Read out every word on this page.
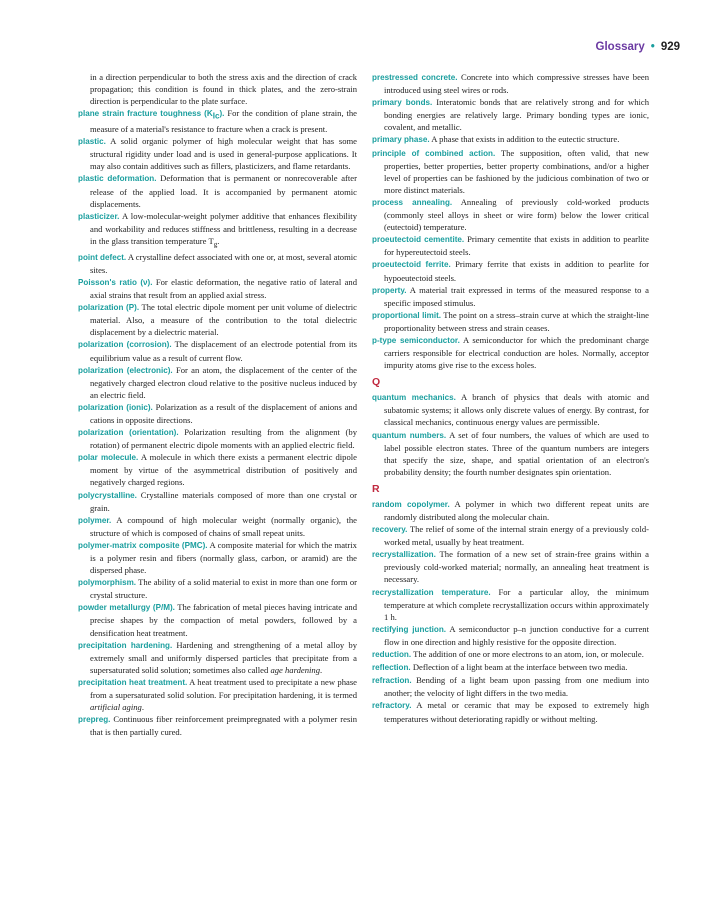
Glossary • 929

in a direction perpendicular to both the stress axis and the direction of crack propagation; this condition is found in thick plates, and the zero-strain direction is perpendicular to the plate surface.

plane strain fracture toughness $(K_{Ic})$. For the condition of plane strain, the measure of a material's resistance to fracture when a crack is present.

plastic. A solid organic polymer of high molecular weight that has some structural rigidity under load and is used in general-purpose applications. It may also contain additives such as fillers, plasticizers, and flame retardants.

plastic deformation. Deformation that is permanent or nonrecoverable after release of the applied load. It is accompanied by permanent atomic displacements.

plasticizer. A low-molecular-weight polymer additive that enhances flexibility and workability and reduces stiffness and brittleness, resulting in a decrease in the glass transition temperature $T_g$.

point defect. A crystalline defect associated with one or, at most, several atomic sites.

Poisson's ratio (ν). For elastic deformation, the negative ratio of lateral and axial strains that result from an applied axial stress.

polarization (P). The total electric dipole moment per unit volume of dielectric material. Also, a measure of the contribution to the total dielectric displacement by a dielectric material.

polarization (corrosion). The displacement of an electrode potential from its equilibrium value as a result of current flow.

polarization (electronic). For an atom, the displacement of the center of the negatively charged electron cloud relative to the positive nucleus induced by an electric field.

polarization (ionic). Polarization as a result of the displacement of anions and cations in opposite directions.

polarization (orientation). Polarization resulting from the alignment (by rotation) of permanent electric dipole moments with an applied electric field.

polar molecule. A molecule in which there exists a permanent electric dipole moment by virtue of the asymmetrical distribution of positively and negatively charged regions.

polycrystalline. Crystalline materials composed of more than one crystal or grain.

polymer. A compound of high molecular weight (normally organic), the structure of which is composed of chains of small repeat units.

polymer-matrix composite (PMC). A composite material for which the matrix is a polymer resin and fibers (normally glass, carbon, or aramid) are the dispersed phase.

polymorphism. The ability of a solid material to exist in more than one form or crystal structure.

powder metallurgy (P/M). The fabrication of metal pieces having intricate and precise shapes by the compaction of metal powders, followed by a densification heat treatment.

precipitation hardening. Hardening and strengthening of a metal alloy by extremely small and uniformly dispersed particles that precipitate from a supersaturated solid solution; sometimes also called age hardening.

precipitation heat treatment. A heat treatment used to precipitate a new phase from a supersaturated solid solution. For precipitation hardening, it is termed artificial aging.

prepreg. Continuous fiber reinforcement preimpregnated with a polymer resin that is then partially cured.

prestressed concrete. Concrete into which compressive stresses have been introduced using steel wires or rods.

primary bonds. Interatomic bonds that are relatively strong and for which bonding energies are relatively large. Primary bonding types are ionic, covalent, and metallic.

primary phase. A phase that exists in addition to the eutectic structure.

principle of combined action. The supposition, often valid, that new properties, better properties, better property combinations, and/or a higher level of properties can be fashioned by the judicious combination of two or more distinct materials.

process annealing. Annealing of previously cold-worked products (commonly steel alloys in sheet or wire form) below the lower critical (eutectoid) temperature.

proeutectoid cementite. Primary cementite that exists in addition to pearlite for hypereutectoid steels.

proeutectoid ferrite. Primary ferrite that exists in addition to pearlite for hypoeutectoid steels.

property. A material trait expressed in terms of the measured response to a specific imposed stimulus.

proportional limit. The point on a stress–strain curve at which the straight-line proportionality between stress and strain ceases.

p-type semiconductor. A semiconductor for which the predominant charge carriers responsible for electrical conduction are holes. Normally, acceptor impurity atoms give rise to the excess holes.

Q

quantum mechanics. A branch of physics that deals with atomic and subatomic systems; it allows only discrete values of energy. By contrast, for classical mechanics, continuous energy values are permissible.

quantum numbers. A set of four numbers, the values of which are used to label possible electron states. Three of the quantum numbers are integers that specify the size, shape, and spatial orientation of an electron's probability density; the fourth number designates spin orientation.

R

random copolymer. A polymer in which two different repeat units are randomly distributed along the molecular chain.

recovery. The relief of some of the internal strain energy of a previously cold-worked metal, usually by heat treatment.

recrystallization. The formation of a new set of strain-free grains within a previously cold-worked material; normally, an annealing heat treatment is necessary.

recrystallization temperature. For a particular alloy, the minimum temperature at which complete recrystallization occurs within approximately 1 h.

rectifying junction. A semiconductor p–n junction conductive for a current flow in one direction and highly resistive for the opposite direction.

reduction. The addition of one or more electrons to an atom, ion, or molecule.

reflection. Deflection of a light beam at the interface between two media.

refraction. Bending of a light beam upon passing from one medium into another; the velocity of light differs in the two media.

refractory. A metal or ceramic that may be exposed to extremely high temperatures without deteriorating rapidly or without melting.
